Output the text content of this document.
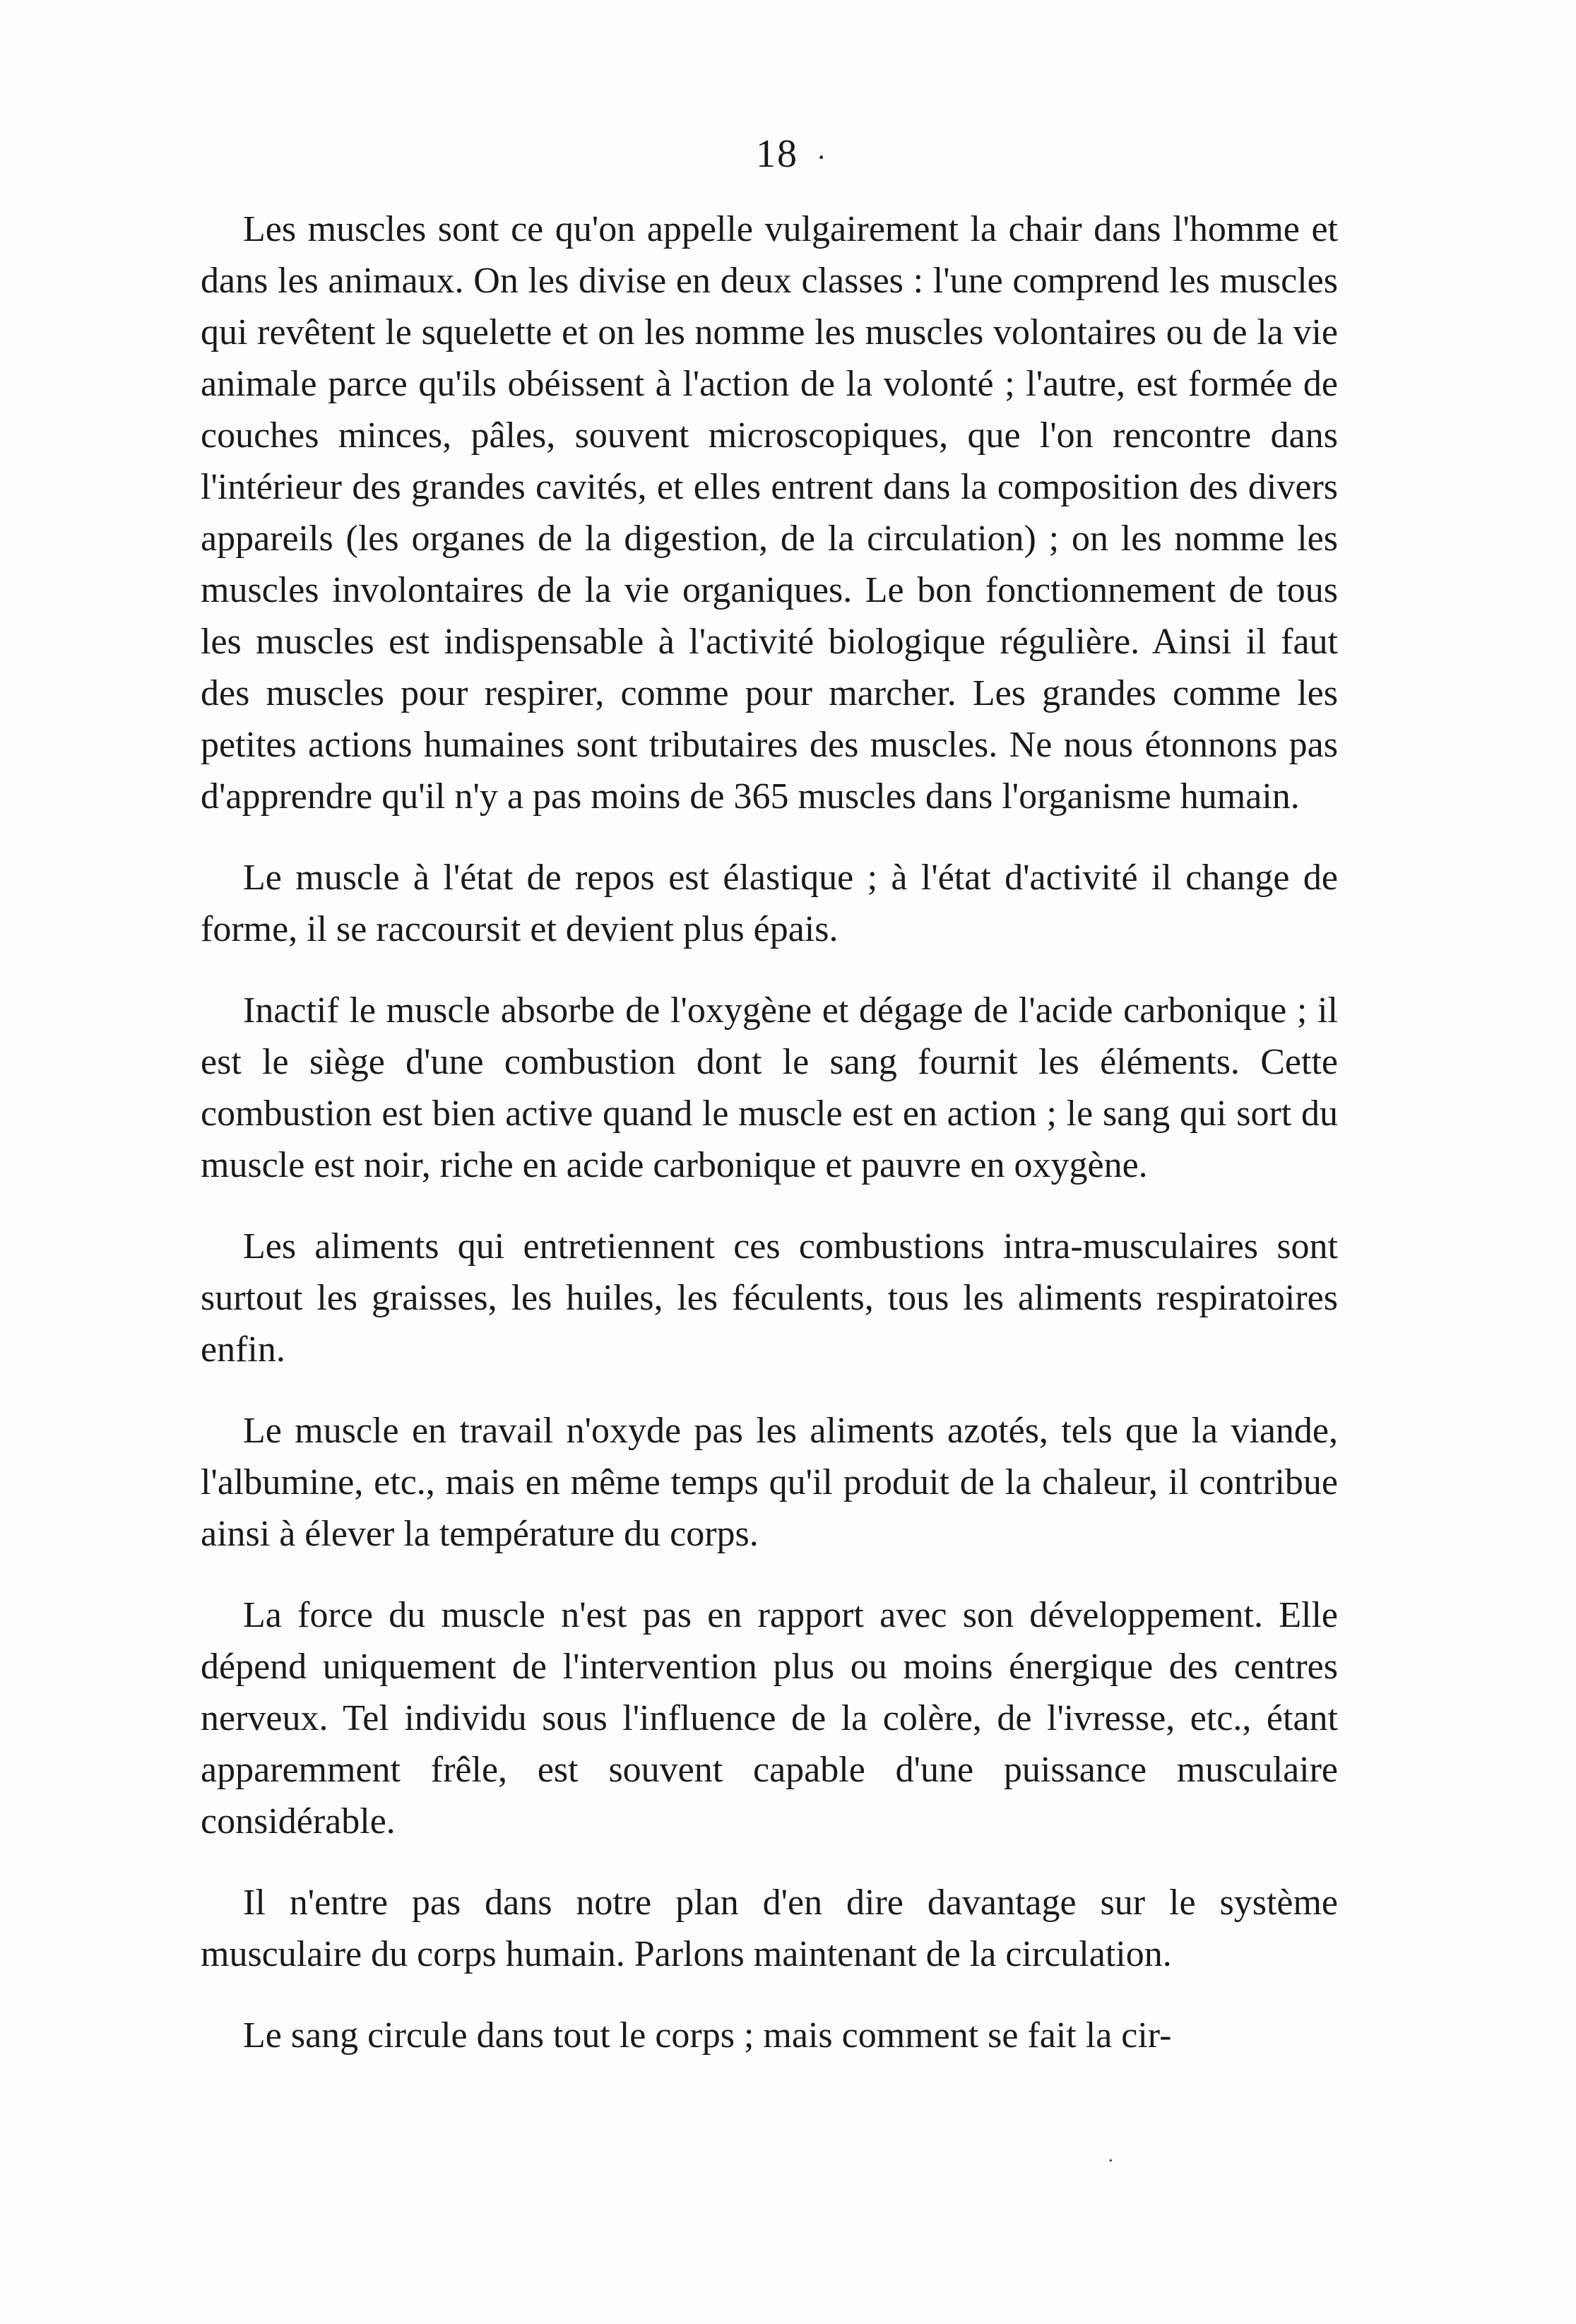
18 ·

Les muscles sont ce qu'on appelle vulgairement la chair dans l'homme et dans les animaux. On les divise en deux classes : l'une comprend les muscles qui revêtent le squelette et on les nomme les muscles volontaires ou de la vie animale parce qu'ils obéissent à l'action de la volonté ; l'autre, est formée de couches minces, pâles, souvent microscopiques, que l'on rencontre dans l'intérieur des grandes cavités, et elles entrent dans la composition des divers appareils (les organes de la digestion, de la circulation) ; on les nomme les muscles involontaires de la vie organiques. Le bon fonctionnement de tous les muscles est indispensable à l'activité biologique régulière. Ainsi il faut des muscles pour respirer, comme pour marcher. Les grandes comme les petites actions humaines sont tributaires des muscles. Ne nous étonnons pas d'apprendre qu'il n'y a pas moins de 365 muscles dans l'organisme humain.

Le muscle à l'état de repos est élastique ; à l'état d'activité il change de forme, il se raccoursit et devient plus épais.

Inactif le muscle absorbe de l'oxygène et dégage de l'acide carbonique ; il est le siège d'une combustion dont le sang fournit les éléments. Cette combustion est bien active quand le muscle est en action ; le sang qui sort du muscle est noir, riche en acide carbonique et pauvre en oxygène.

Les aliments qui entretiennent ces combustions intra-musculaires sont surtout les graisses, les huiles, les féculents, tous les aliments respiratoires enfin.

Le muscle en travail n'oxyde pas les aliments azotés, tels que la viande, l'albumine, etc., mais en même temps qu'il produit de la chaleur, il contribue ainsi à élever la température du corps.

La force du muscle n'est pas en rapport avec son développement. Elle dépend uniquement de l'intervention plus ou moins énergique des centres nerveux. Tel individu sous l'influence de la colère, de l'ivresse, etc., étant apparemment frêle, est souvent capable d'une puissance musculaire considérable.

Il n'entre pas dans notre plan d'en dire davantage sur le système musculaire du corps humain. Parlons maintenant de la circulation.

Le sang circule dans tout le corps ; mais comment se fait la cir-

·
